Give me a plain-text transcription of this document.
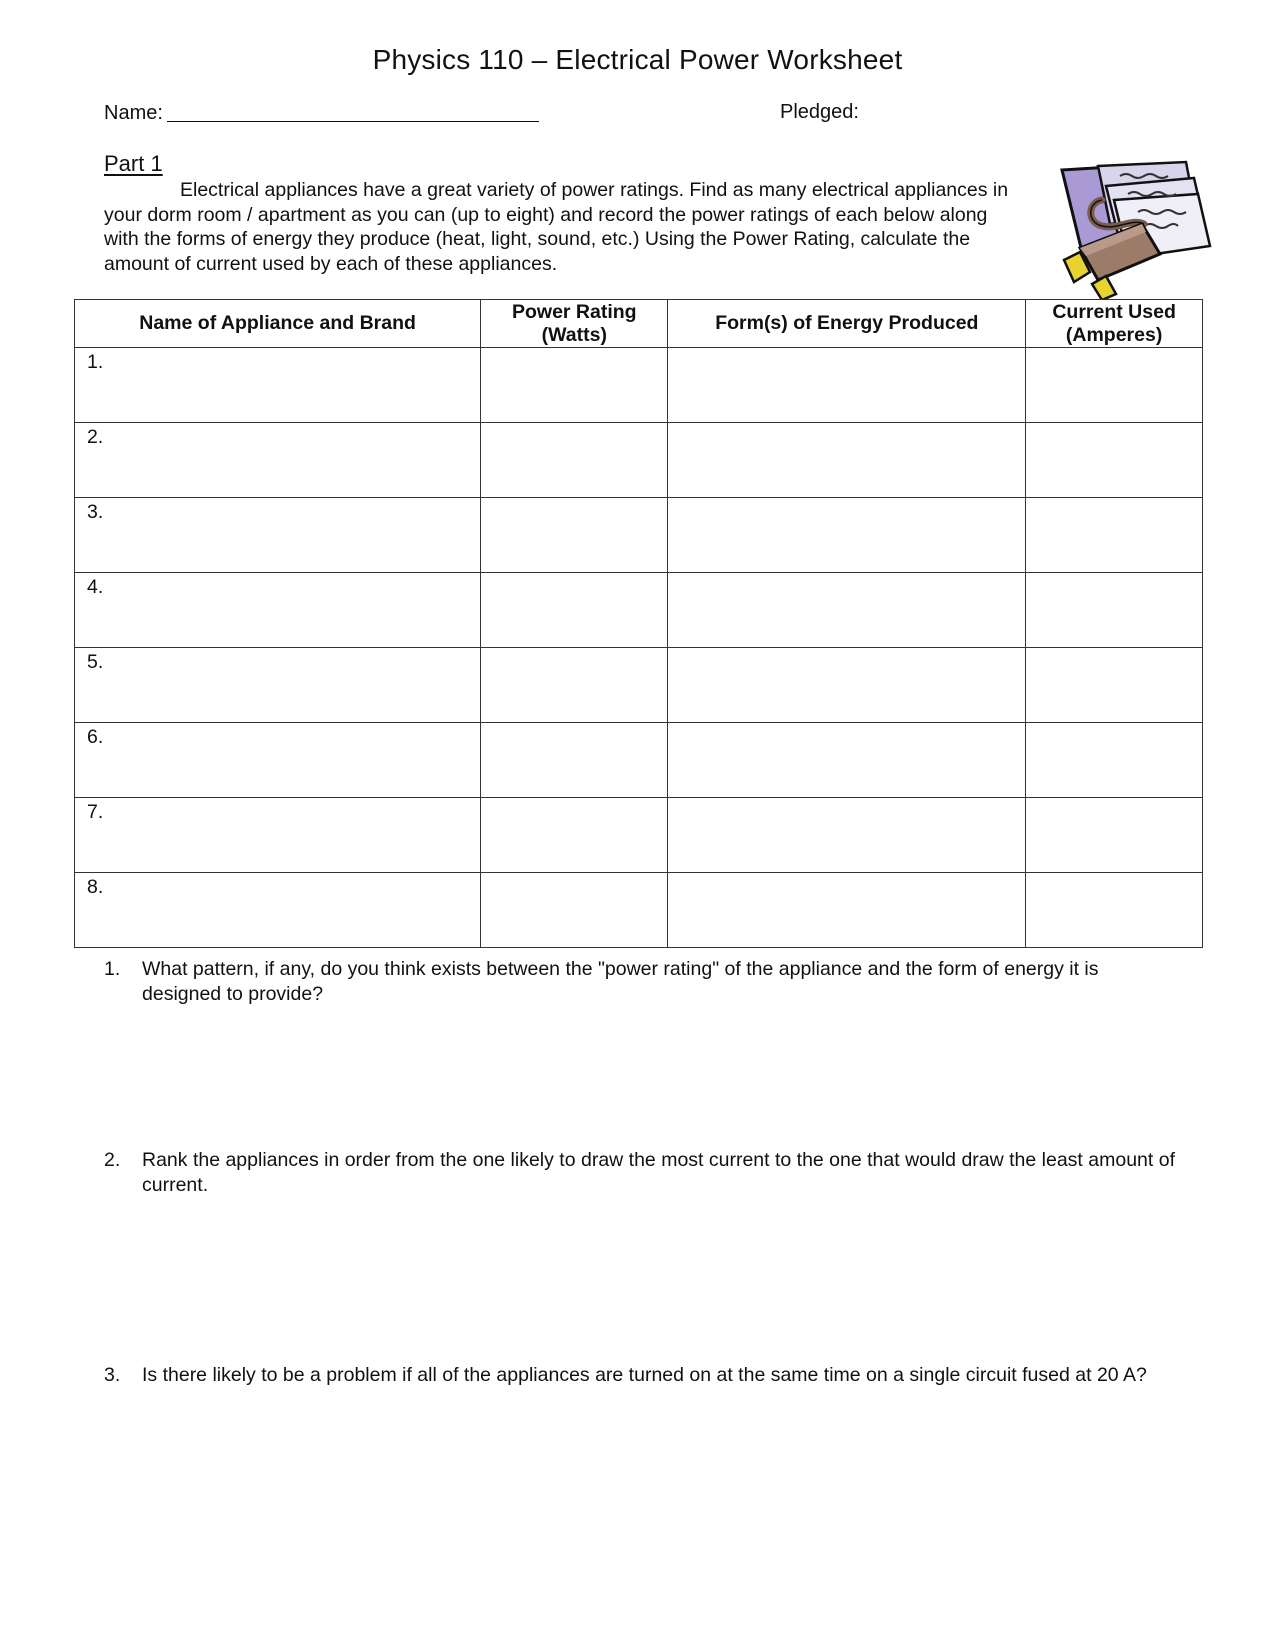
Physics 110 – Electrical Power Worksheet
Name:	Pledged:
Part 1
Electrical appliances have a great variety of power ratings. Find as many electrical appliances in your dorm room / apartment as you can (up to eight) and record the power ratings of each below along with the forms of energy they produce (heat, light, sound, etc.) Using the Power Rating, calculate the amount of current used by each of these appliances.
Name of Appliance and Brand	Power Rating (Watts)	Form(s) of Energy Produced	Current Used (Amperes)
1.			
2.			
3.			
4.			
5.			
6.			
7.			
8.			
1. What pattern, if any, do you think exists between the "power rating" of the appliance and the form of energy it is designed to provide?
2. Rank the appliances in order from the one likely to draw the most current to the one that would draw the least amount of current.
3. Is there likely to be a problem if all of the appliances are turned on at the same time on a single circuit fused at 20 A?
